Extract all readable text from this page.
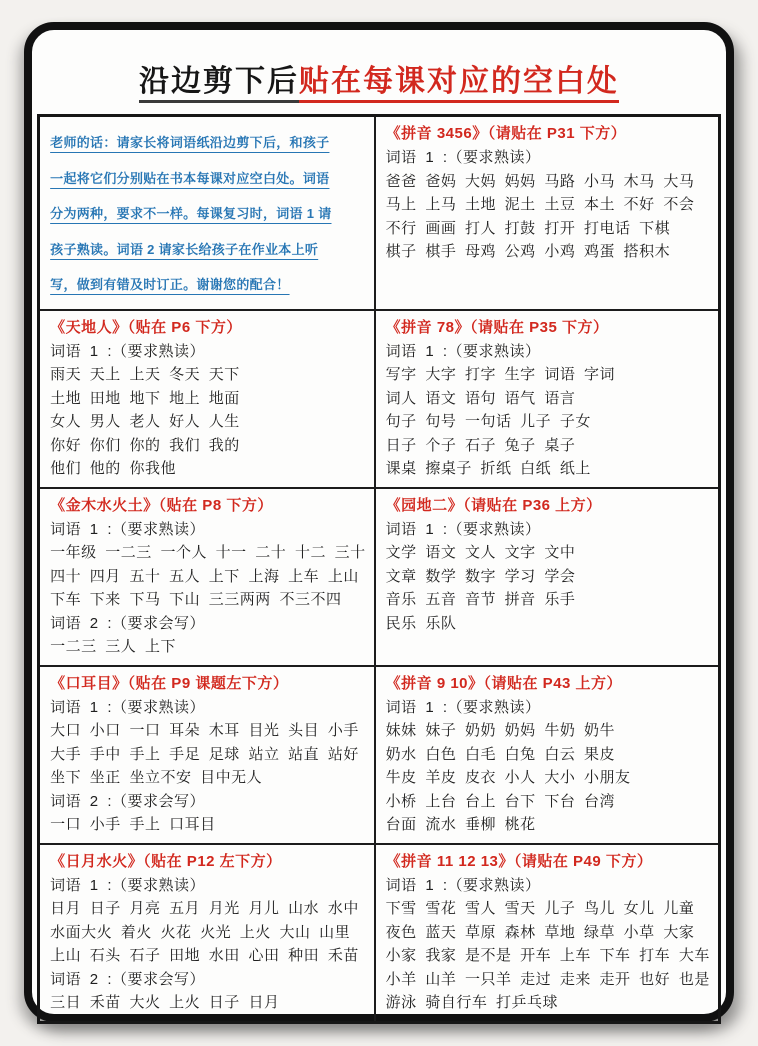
沿边剪下后贴在每课对应的空白处
老师的话：请家长将词语纸沿边剪下后，和孩子
一起将它们分别贴在书本每课对应空白处。词语
分为两种，要求不一样。每课复习时，词语 1 请
孩子熟读。词语 2 请家长给孩子在作业本上听
写，做到有错及时订正。谢谢您的配合！

《拼音 3456》（请贴在 P31 下方）
词语 1 :（要求熟读）
爸爸 爸妈 大妈 妈妈 马路 小马 木马 大马
马上 上马 土地 泥土 土豆 本土 不好 不会
不行 画画 打人 打鼓 打开 打电话 下棋
棋子 棋手 母鸡 公鸡 小鸡 鸡蛋 搭积木

《天地人》（贴在 P6 下方）
词语 1 :（要求熟读）
雨天 天上 上天 冬天 天下
土地 田地 地下 地上 地面
女人 男人 老人 好人 人生
你好 你们 你的 我们 我的
他们 他的 你我他

《拼音 78》（请贴在 P35 下方）
词语 1 :（要求熟读）
写字 大字 打字 生字 词语 字词
词人 语文 语句 语气 语言
句子 句号 一句话 儿子 子女
日子 个子 石子 兔子 桌子
课桌 擦桌子 折纸 白纸 纸上

《金木水火土》（贴在 P8 下方）
词语 1 :（要求熟读）
一年级 一二三 一个人 十一 二十 十二 三十
四十 四月 五十 五人 上下 上海 上车 上山
下车 下来 下马 下山 三三两两 不三不四
词语 2 :（要求会写）
一二三 三人 上下

《园地二》（请贴在 P36 上方）
词语 1 :（要求熟读）
文学 语文 文人 文字 文中
文章 数学 数字 学习 学会
音乐 五音 音节 拼音 乐手
民乐 乐队

《口耳目》（贴在 P9 课题左下方）
词语 1 :（要求熟读）
大口 小口 一口 耳朵 木耳 目光 头目 小手
大手 手中 手上 手足 足球 站立 站直 站好
坐下 坐正 坐立不安 目中无人
词语 2 :（要求会写）
一口 小手 手上 口耳目

《拼音 9 10》（请贴在 P43 上方）
词语 1 :（要求熟读）
妹妹 妹子 奶奶 奶妈 牛奶 奶牛
奶水 白色 白毛 白兔 白云 果皮
牛皮 羊皮 皮衣 小人 大小 小朋友
小桥 上台 台上 台下 下台 台湾
台面 流水 垂柳 桃花

《日月水火》（贴在 P12 左下方）
词语 1 :（要求熟读）
日月 日子 月亮 五月 月光 月儿 山水 水中
水面大火 着火 火花 火光 上火 大山 山里
上山 石头 石子 田地 水田 心田 种田 禾苗
词语 2 :（要求会写）
三日 禾苗 大火 上火 日子 日月

《拼音 11 12 13》（请贴在 P49 下方）
词语 1 :（要求熟读）
下雪 雪花 雪人 雪天 儿子 鸟儿 女儿 儿童
夜色 蓝天 草原 森林 草地 绿草 小草 大家
小家 我家 是不是 开车 上车 下车 打车 大车
小羊 山羊 一只羊 走过 走来 走开 也好 也是
游泳 骑自行车 打乒乓球
